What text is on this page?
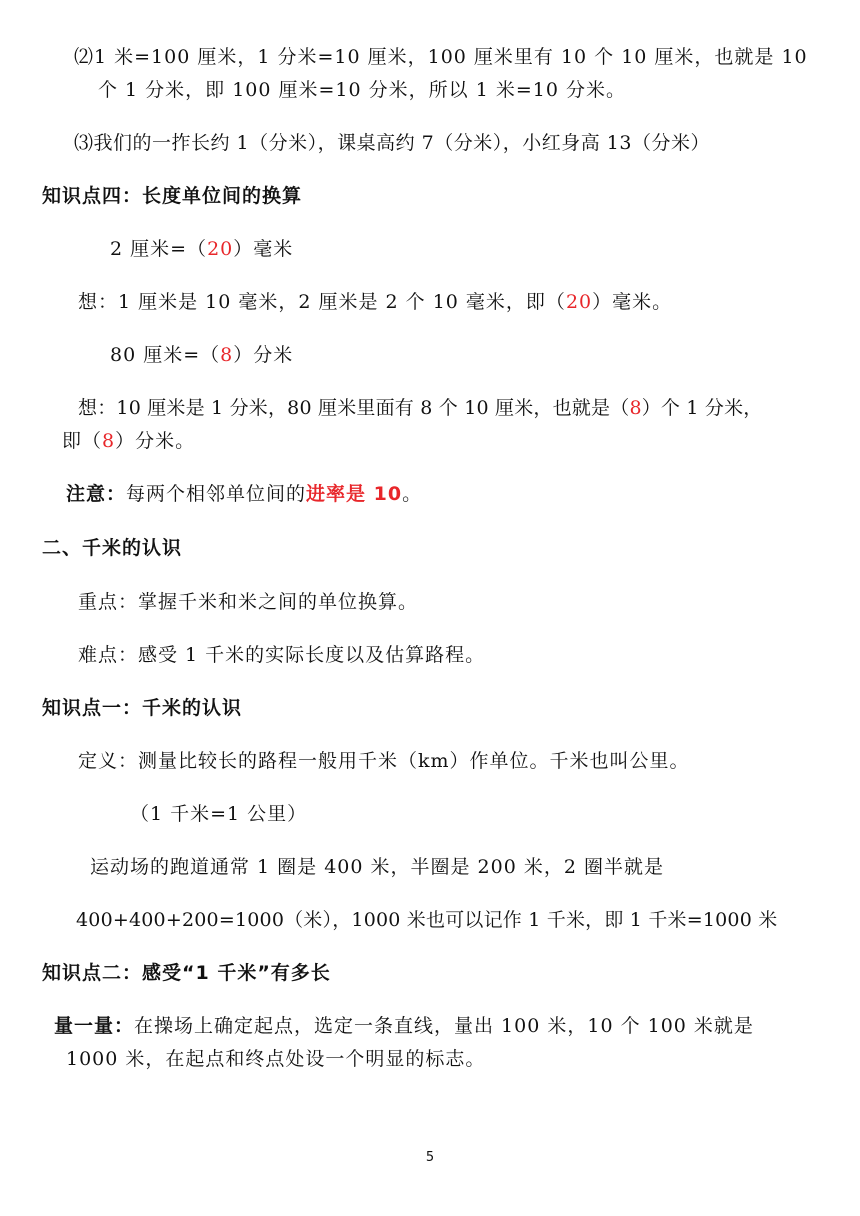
⑵1 米=100 厘米，1 分米=10 厘米，100 厘米里有 10 个 10 厘米，也就是 10
个 1 分米，即 100 厘米=10 分米，所以 1 米=10 分米。
⑶我们的一拃长约 1（分米），课桌高约 7（分米），小红身高 13（分米）
知识点四：长度单位间的换算
2 厘米=（20）毫米
想：1 厘米是 10 毫米，2 厘米是 2 个 10 毫米，即（20）毫米。
80 厘米=（8）分米
想：10 厘米是 1 分米，80 厘米里面有 8 个 10 厘米，也就是（8）个 1 分米，
即（8）分米。
注意：每两个相邻单位间的进率是 10。
二、千米的认识
重点：掌握千米和米之间的单位换算。
难点：感受 1 千米的实际长度以及估算路程。
知识点一：千米的认识
定义：测量比较长的路程一般用千米（km）作单位。千米也叫公里。
（1 千米=1 公里）
运动场的跑道通常 1 圈是 400 米，半圈是 200 米，2 圈半就是
400+400+200=1000（米），1000 米也可以记作 1 千米，即 1 千米=1000 米
知识点二：感受“1 千米”有多长
量一量：在操场上确定起点，选定一条直线，量出 100 米，10 个 100 米就是
1000 米，在起点和终点处设一个明显的标志。
5
